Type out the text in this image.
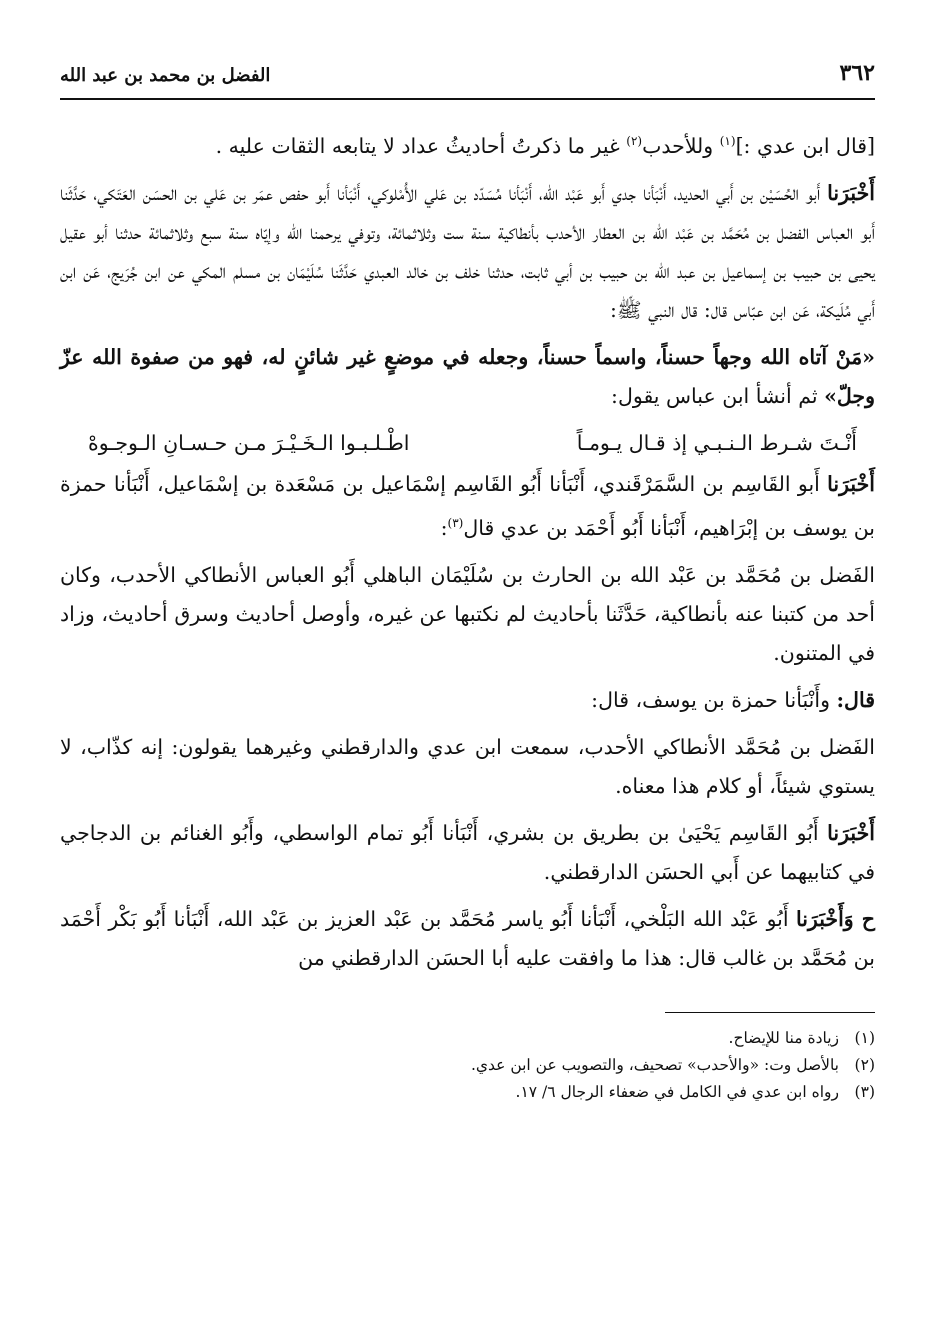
٣٦٢
الفضل بن محمد بن عبد الله

[قال ابن عدي :]$^{(١)}$ وللأحدب$^{(٢)}$ غير ما ذكرتُ أحاديثُ عداد لا يتابعه الثقات عليه .

أَخْبَرَنا أَبو الحُسَيْن بن أَبي الحديد، أَنْبَأنا جدي أَبو عَبْد الله، أَنْبَأنا مُسَدّد بن عَلي الأُمْلوكي، أَنْبَأنا أَبو حفص عمَر بن عَلي بن الحسَن العَتَكي، حَدَّثَنا أَبو العباس الفضل بن مُحَمَّد بن عَبْد الله بن العطار الأحدب بأنطاكية سنة ست وثلاثمائة، وتوفي يرحمنا الله وإيّاه سنة سبع وثلاثمائة حدثنا أبو عقيل يحيى بن حبيب بن إسماعيل بن عبد الله بن حبيب بن أبي ثابت، حدثنا خلف بن خالد العبدي حَدَّثَنا سُلَيْمَان بن مسلم المكي عن ابن جُرَيج، عَن ابن أَبي مُلَيكة، عَن ابن عبّاس قال: قال النبي ﷺ:

«مَنْ آتاه الله وجهاً حسناً، واسماً حسناً، وجعله في موضعٍ غير شائنٍ له، فهو من صفوة الله عزّ وجلّ» ثم أنشأ ابن عباس يقول:

أَنْـتَ شـرط الـنـبـي إذ قـال يـومـاً
اطْـلـبـوا الـخَـيْـرَ مـن حـسـانِ الـوجـوهْ

أَخْبَرَنا أَبو القَاسِم بن السَّمَرْقَندي، أَنْبَأنا أَبُو القَاسِم إسْمَاعيل بن مَسْعَدة بن إسْمَاعيل، أَنْبَأنا حمزة بن يوسف بن إبْرَاهيم، أَنْبَأنا أَبُو أَحْمَد بن عدي قال$^{(٣)}$:

الفَضل بن مُحَمَّد بن عَبْد الله بن الحارث بن سُلَيْمَان الباهلي أَبُو العباس الأنطاكي الأحدب، وكان أحد من كتبنا عنه بأنطاكية، حَدَّثَنا بأحاديث لم نكتبها عن غيره، وأوصل أحاديث وسرق أحاديث، وزاد في المتنون.

قال: وأَنْبَأنا حمزة بن يوسف، قال:

الفَضل بن مُحَمَّد الأنطاكي الأحدب، سمعت ابن عدي والدارقطني وغيرهما يقولون: إنه كذّاب، لا يستوي شيئاً، أو كلام هذا معناه.

أَخْبَرَنا أَبُو القَاسِم يَحْيَىٰ بن بطريق بن بشري، أَنْبَأنا أَبُو تمام الواسطي، وأَبُو الغنائم بن الدجاجي في كتابيهما عن أَبي الحسَن الدارقطني.

ح وَأَخْبَرَنا أَبُو عَبْد الله البَلْخي، أَنْبَأنا أَبُو ياسر مُحَمَّد بن عَبْد العزيز بن عَبْد الله، أَنْبَأنا أَبُو بَكْر أَحْمَد بن مُحَمَّد بن غالب قال: هذا ما وافقت عليه أبا الحسَن الدارقطني من

(١)
زيادة منا للإيضاح.
(٢)
بالأصل وت: «والأحدب» تصحيف، والتصويب عن ابن عدي.
(٣)
رواه ابن عدي في الكامل في ضعفاء الرجال ٦/ ١٧.
